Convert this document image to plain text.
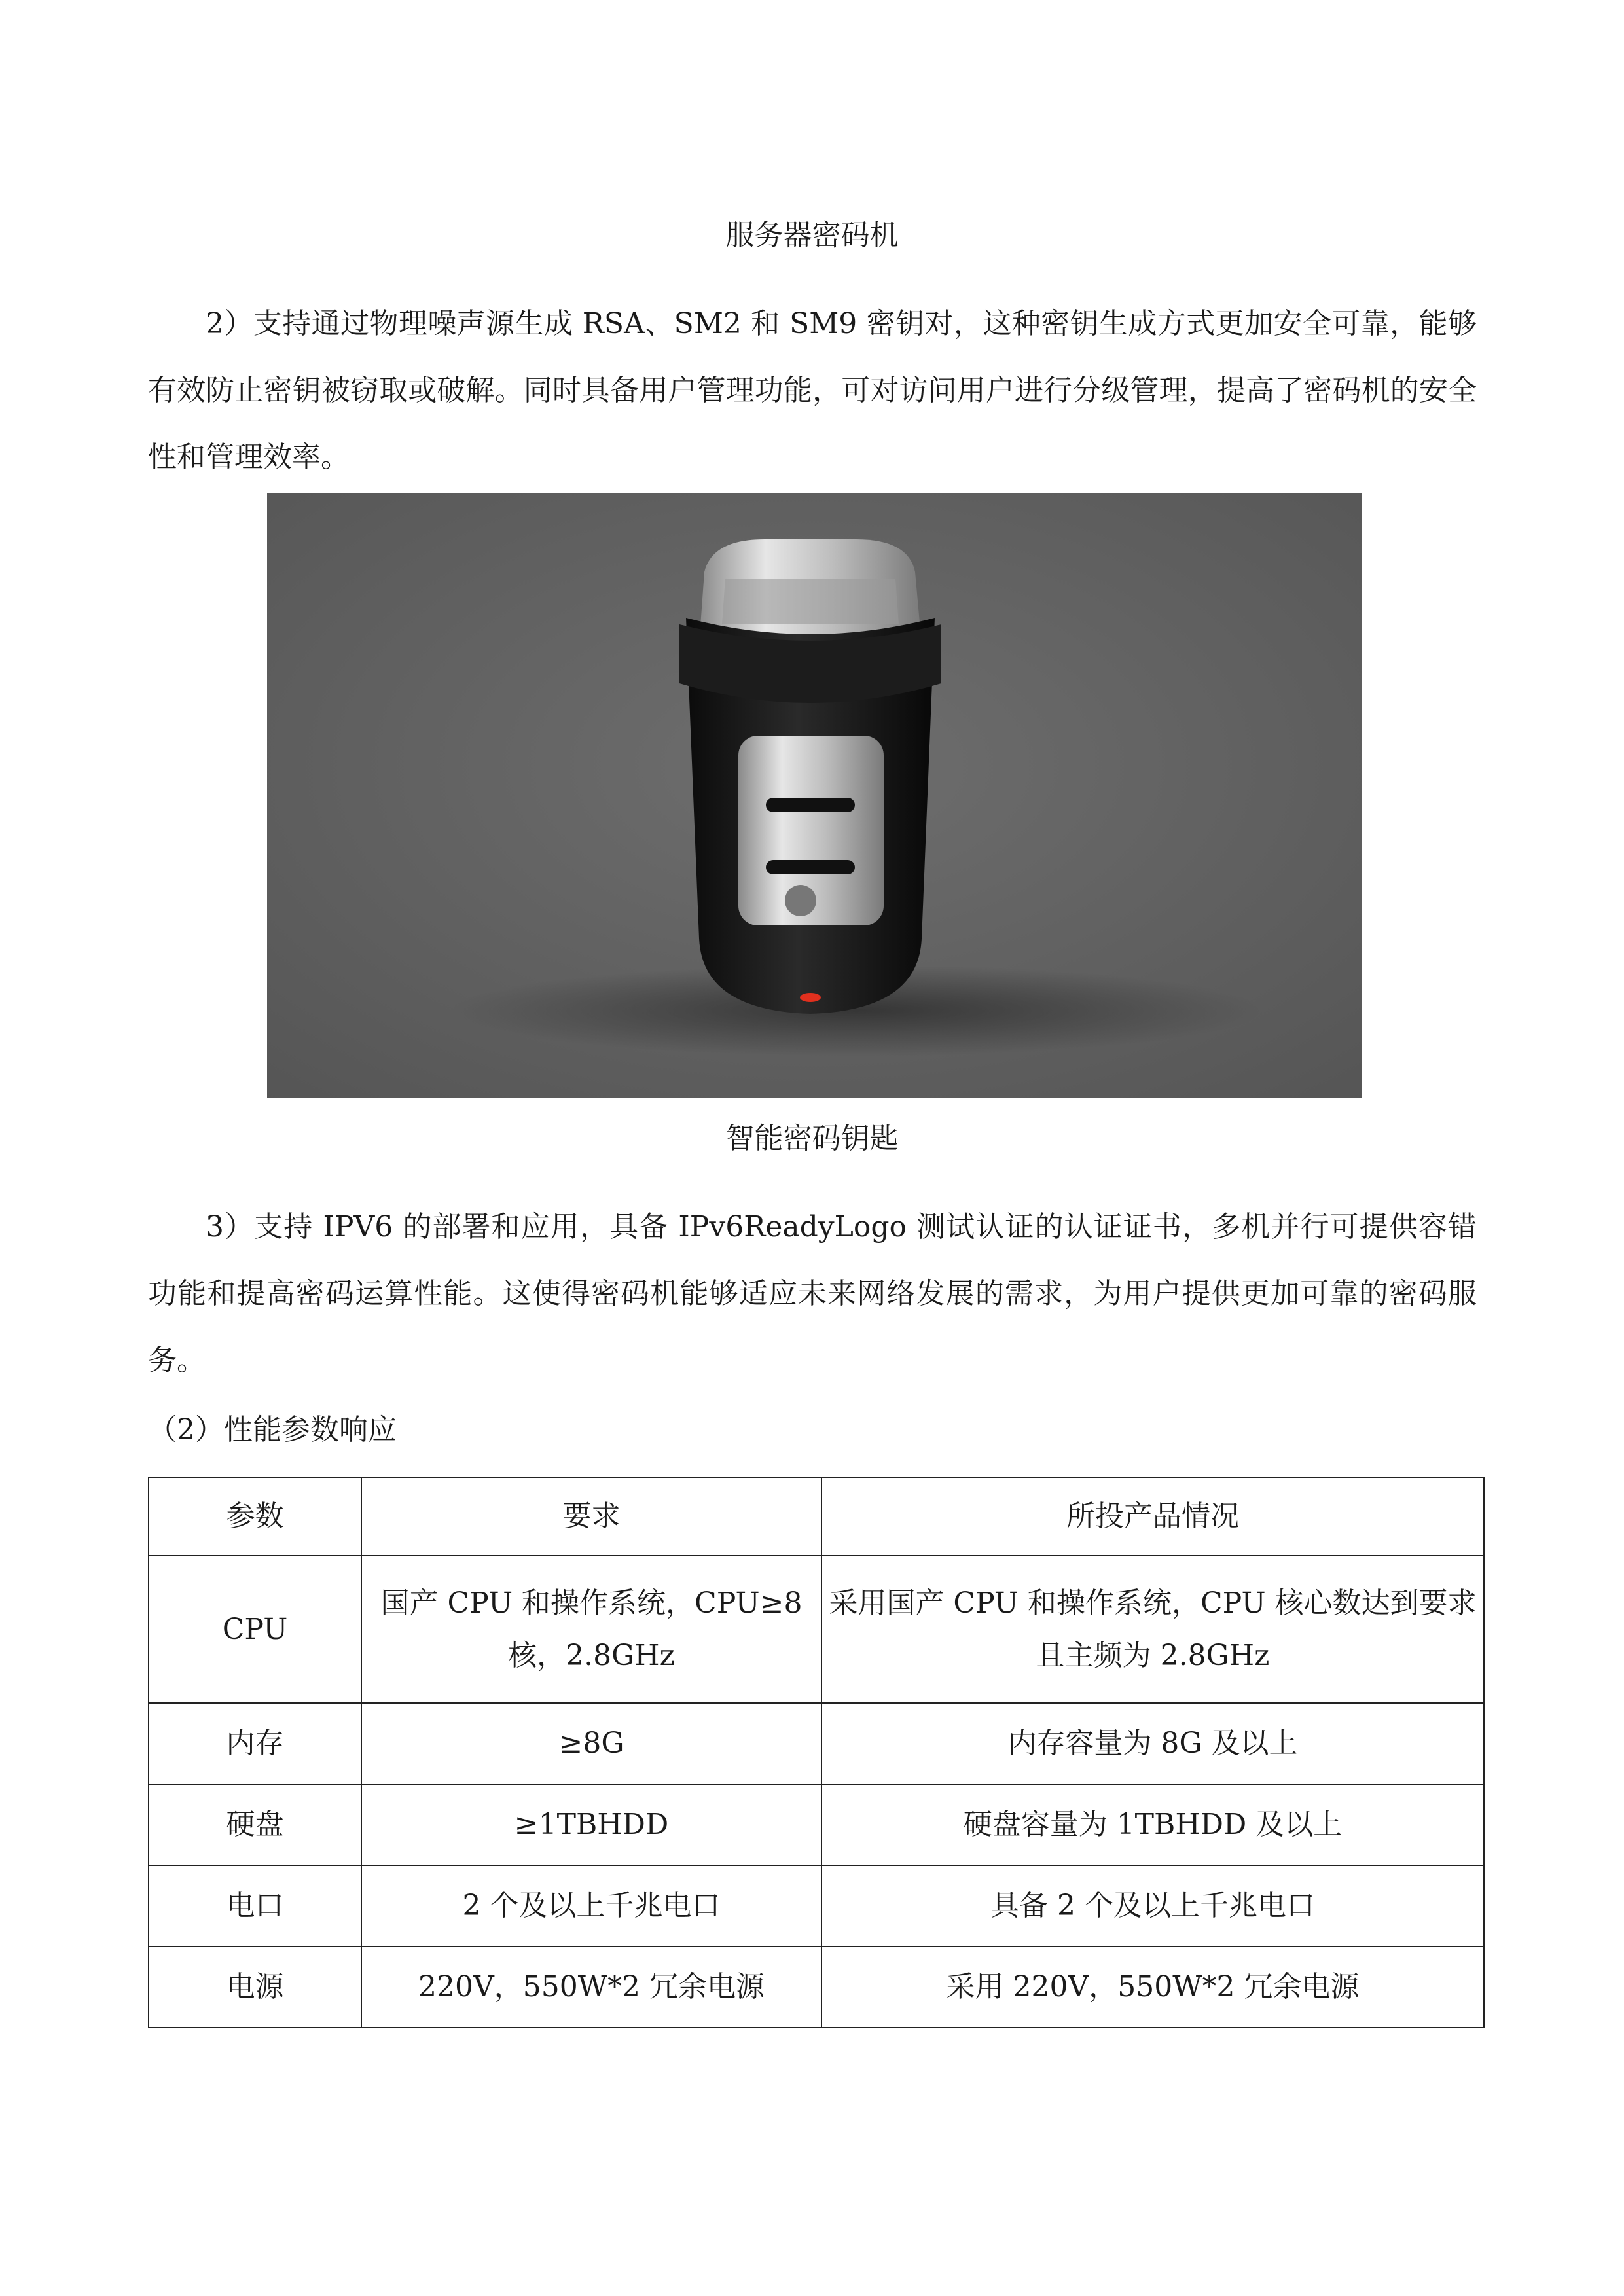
服务器密码机

2）支持通过物理噪声源生成 RSA、SM2 和 SM9 密钥对，这种密钥生成方式更加安全可靠，能够有效防止密钥被窃取或破解。同时具备用户管理功能，可对访问用户进行分级管理，提高了密码机的安全性和管理效率。

智能密码钥匙

3）支持 IPV6 的部署和应用，具备 IPv6ReadyLogo 测试认证的认证证书，多机并行可提供容错功能和提高密码运算性能。这使得密码机能够适应未来网络发展的需求，为用户提供更加可靠的密码服务。

（2）性能参数响应
参数	要求	所投产品情况
CPU	国产 CPU 和操作系统，CPU≥8 核，2.8GHz	采用国产 CPU 和操作系统，CPU 核心数达到要求且主频为 2.8GHz
内存	≥8G	内存容量为 8G 及以上
硬盘	≥1TBHDD	硬盘容量为 1TBHDD 及以上
电口	2 个及以上千兆电口	具备 2 个及以上千兆电口
电源	220V，550W*2 冗余电源	采用 220V，550W*2 冗余电源
